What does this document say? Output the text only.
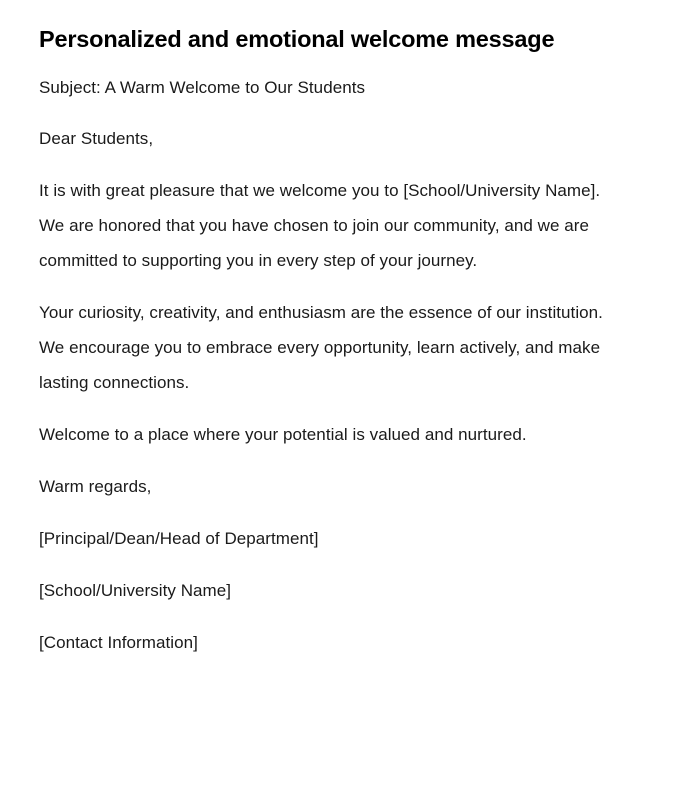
Personalized and emotional welcome message

Subject: A Warm Welcome to Our Students

Dear Students,

It is with great pleasure that we welcome you to [School/University Name]. We are honored that you have chosen to join our community, and we are committed to supporting you in every step of your journey.

Your curiosity, creativity, and enthusiasm are the essence of our institution. We encourage you to embrace every opportunity, learn actively, and make lasting connections.

Welcome to a place where your potential is valued and nurtured.

Warm regards,

[Principal/Dean/Head of Department]

[School/University Name]

[Contact Information]
